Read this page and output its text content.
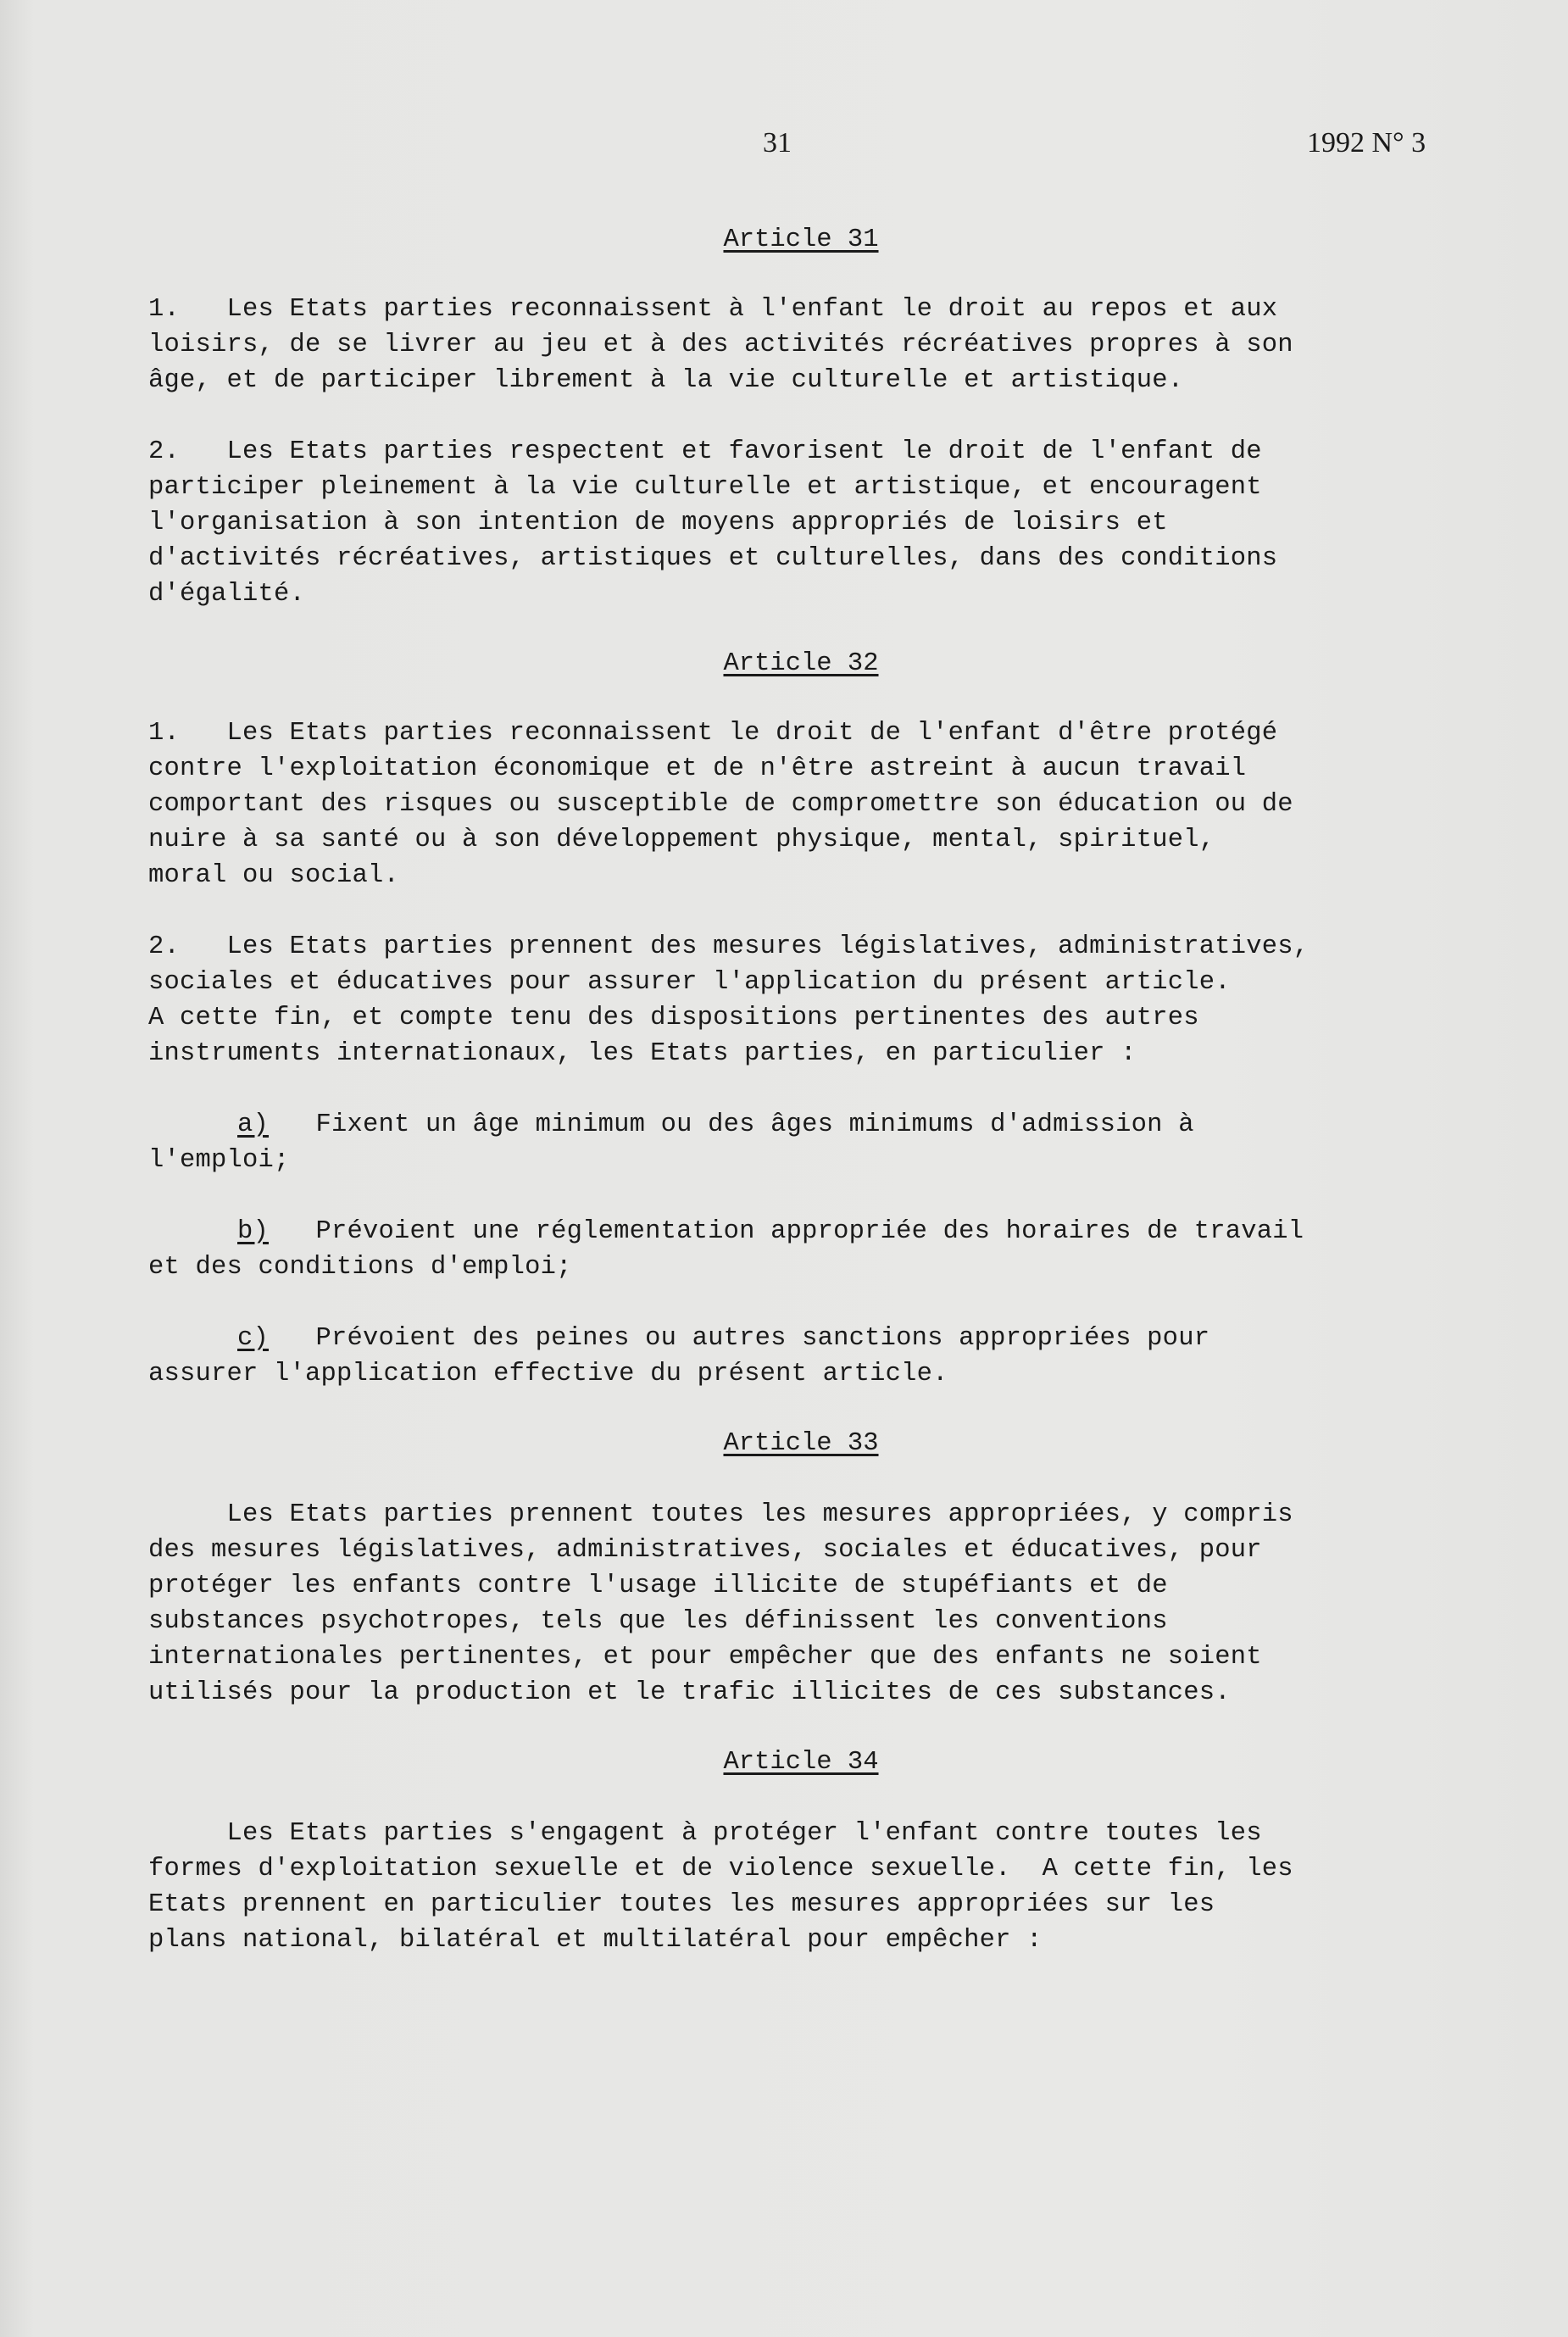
31	1992 N° 3
Article 31
1.   Les Etats parties reconnaissent à l'enfant le droit au repos et aux
loisirs, de se livrer au jeu et à des activités récréatives propres à son
âge, et de participer librement à la vie culturelle et artistique.
2.   Les Etats parties respectent et favorisent le droit de l'enfant de
participer pleinement à la vie culturelle et artistique, et encouragent
l'organisation à son intention de moyens appropriés de loisirs et
d'activités récréatives, artistiques et culturelles, dans des conditions
d'égalité.
Article 32
1.   Les Etats parties reconnaissent le droit de l'enfant d'être protégé
contre l'exploitation économique et de n'être astreint à aucun travail
comportant des risques ou susceptible de compromettre son éducation ou de
nuire à sa santé ou à son développement physique, mental, spirituel,
moral ou social.
2.   Les Etats parties prennent des mesures législatives, administratives,
sociales et éducatives pour assurer l'application du présent article.
A cette fin, et compte tenu des dispositions pertinentes des autres
instruments internationaux, les Etats parties, en particulier :
a)   Fixent un âge minimum ou des âges minimums d'admission à
l'emploi;
b)   Prévoient une réglementation appropriée des horaires de travail
et des conditions d'emploi;
c)   Prévoient des peines ou autres sanctions appropriées pour
assurer l'application effective du présent article.
Article 33
Les Etats parties prennent toutes les mesures appropriées, y compris
des mesures législatives, administratives, sociales et éducatives, pour
protéger les enfants contre l'usage illicite de stupéfiants et de
substances psychotropes, tels que les définissent les conventions
internationales pertinentes, et pour empêcher que des enfants ne soient
utilisés pour la production et le trafic illicites de ces substances.
Article 34
Les Etats parties s'engagent à protéger l'enfant contre toutes les
formes d'exploitation sexuelle et de violence sexuelle.  A cette fin, les
Etats prennent en particulier toutes les mesures appropriées sur les
plans national, bilatéral et multilatéral pour empêcher :
